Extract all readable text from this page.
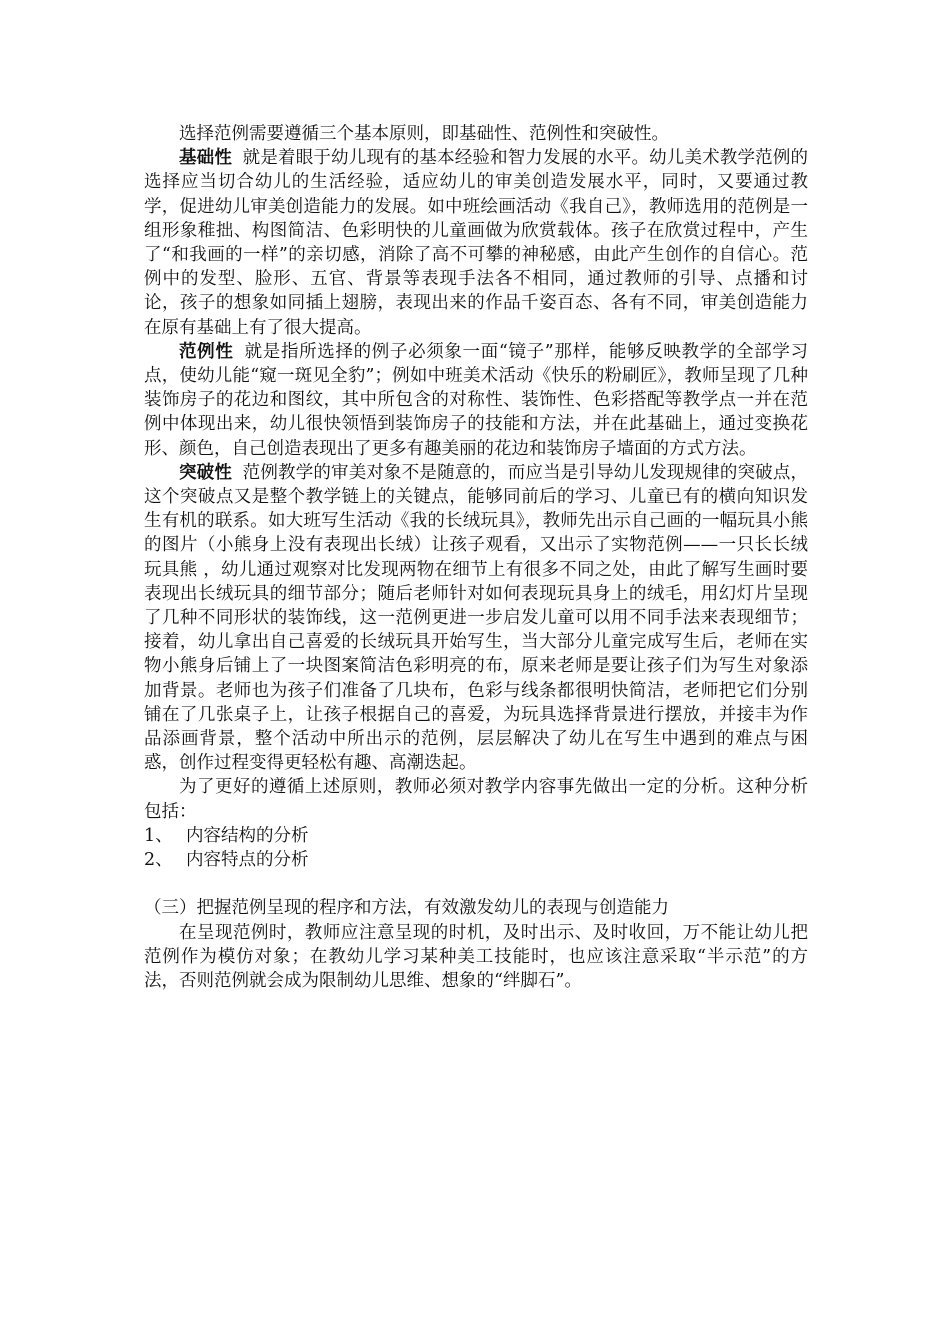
选择范例需要遵循三个基本原则，即基础性、范例性和突破性。

基础性 就是着眼于幼儿现有的基本经验和智力发展的水平。幼儿美术教学范例的选择应当切合幼儿的生活经验，适应幼儿的审美创造发展水平，同时，又要通过教学，促进幼儿审美创造能力的发展。如中班绘画活动《我自己》，教师选用的范例是一组形象稚拙、构图简洁、色彩明快的儿童画做为欣赏载体。孩子在欣赏过程中，产生了“和我画的一样”的亲切感，消除了高不可攀的神秘感，由此产生创作的自信心。范例中的发型、脸形、五官、背景等表现手法各不相同，通过教师的引导、点播和讨论，孩子的想象如同插上翅膀，表现出来的作品千姿百态、各有不同，审美创造能力在原有基础上有了很大提高。

范例性 就是指所选择的例子必须象一面“镜子”那样，能够反映教学的全部学习点，使幼儿能“窥一斑见全豹”；例如中班美术活动《快乐的粉刷匠》，教师呈现了几种装饰房子的花边和图纹，其中所包含的对称性、装饰性、色彩搭配等教学点一并在范例中体现出来，幼儿很快领悟到装饰房子的技能和方法，并在此基础上，通过变换花形、颜色，自己创造表现出了更多有趣美丽的花边和装饰房子墙面的方式方法。

突破性 范例教学的审美对象不是随意的，而应当是引导幼儿发现规律的突破点，这个突破点又是整个教学链上的关键点，能够同前后的学习、儿童已有的横向知识发生有机的联系。如大班写生活动《我的长绒玩具》，教师先出示自己画的一幅玩具小熊的图片（小熊身上没有表现出长绒）让孩子观看，又出示了实物范例——一只长长绒玩具熊 ，幼儿通过观察对比发现两物在细节上有很多不同之处，由此了解写生画时要表现出长绒玩具的细节部分；随后老师针对如何表现玩具身上的绒毛，用幻灯片呈现了几种不同形状的装饰线，这一范例更进一步启发儿童可以用不同手法来表现细节；接着，幼儿拿出自己喜爱的长绒玩具开始写生，当大部分儿童完成写生后，老师在实物小熊身后铺上了一块图案简洁色彩明亮的布，原来老师是要让孩子们为写生对象添加背景。老师也为孩子们准备了几块布，色彩与线条都很明快简洁，老师把它们分别铺在了几张桌子上，让孩子根据自己的喜爱，为玩具选择背景进行摆放，并接丰为作品添画背景，整个活动中所出示的范例，层层解决了幼儿在写生中遇到的难点与困惑，创作过程变得更轻松有趣、高潮迭起。

为了更好的遵循上述原则，教师必须对教学内容事先做出一定的分析。这种分析包括：

1、 内容结构的分析
2、 内容特点的分析

（三）把握范例呈现的程序和方法，有效激发幼儿的表现与创造能力

在呈现范例时，教师应注意呈现的时机，及时出示、及时收回，万不能让幼儿把范例作为模仿对象；在教幼儿学习某种美工技能时，也应该注意采取“半示范”的方法，否则范例就会成为限制幼儿思维、想象的“绊脚石”。
